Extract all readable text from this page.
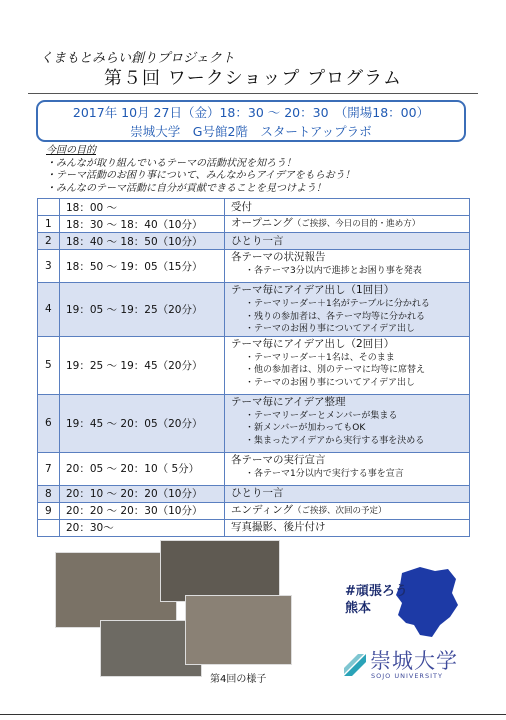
くまもとみらい創りプロジェクト
第５回 ワークショップ プログラム
2017年 10月 27日（金）18：30 ～ 20：30　（開場18：00）
崇城大学　G号館2階　スタートアップラボ
今回の目的
・みんなが取り組んでいるテーマの活動状況を知ろう！
・テーマ活動のお困り事について、みんなからアイデアをもらおう！
・みんなのテーマ活動に自分が貢献できることを見つけよう！
	18：00 ～	受付

1	18：30 ～ 18：40（10分）	オープニング（ご挨拶、今日の目的・進め方）

2	18：40 ～ 18：50（10分）	ひとり一言

3	18：50 ～ 19：05（15分）	各テーマの状況報告
・各テーマ3分以内で進捗とお困り事を発表

4	19：05 ～ 19：25（20分）	テーマ毎にアイデア出し（1回目）
・テーマリーダー＋1名がテーブルに分かれる
・残りの参加者は、各テーマ均等に分かれる
・テーマのお困り事についてアイデア出し

5	19：25 ～ 19：45（20分）	テーマ毎にアイデア出し（2回目）
・テーマリーダー＋1名は、そのまま
・他の参加者は、別のテーマに均等に席替え
・テーマのお困り事についてアイデア出し

6	19：45 ～ 20：05（20分）	テーマ毎にアイデア整理
・テーマリーダーとメンバーが集まる
・新メンバーが加わってもOK
・集まったアイデアから実行する事を決める

7	20：05 ～ 20：10（ 5分）	各テーマの実行宣言
・各テーマ1分以内で実行する事を宣言

8	20：10 ～ 20：20（10分）	ひとり一言

9	20：20 ～ 20：30（10分）	エンディング（ご挨拶、次回の予定）

	20：30～	写真撮影、後片付け
第4回の様子
#頑張ろう
熊本
崇城大学
SOJO UNIVERSITY
